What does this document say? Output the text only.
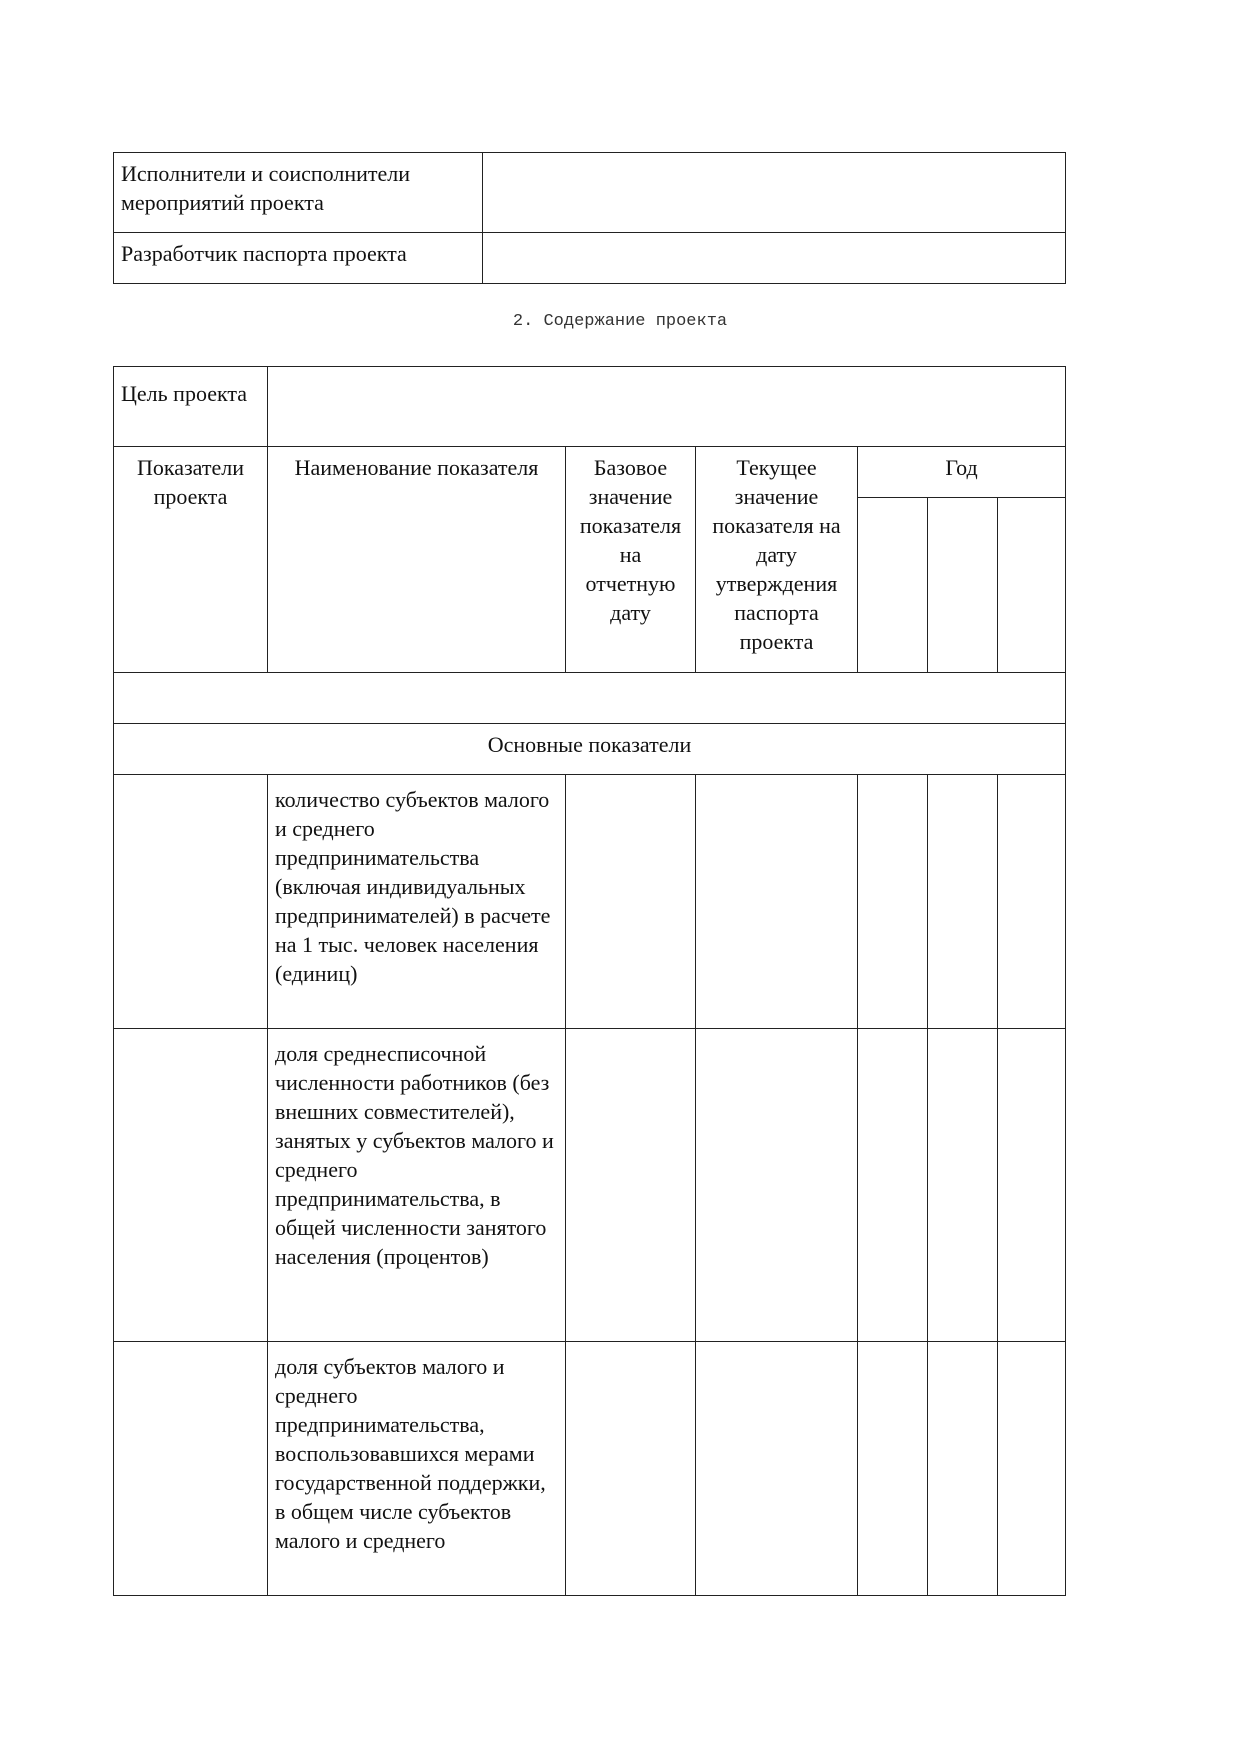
Исполнители и соисполнители мероприятий проекта	
Разработчик паспорта проекта	
2. Содержание проекта
Цель проекта						
Показатели проекта	Наименование показателя	Базовое значение показателя на отчетную дату	Текущее значение показателя на дату утверждения паспорта проекта	Год		

Основные показатели						
	количество субъектов малого и среднего предпринимательства (включая индивидуальных предпринимателей) в расчете на 1 тыс. человек населения (единиц)					
	доля среднесписочной численности работников (без внешних совместителей), занятых у субъектов малого и среднего предпринимательства, в общей численности занятого населения (процентов)					
	доля субъектов малого и среднего предпринимательства, воспользовавшихся мерами государственной поддержки, в общем числе субъектов малого и среднего					
